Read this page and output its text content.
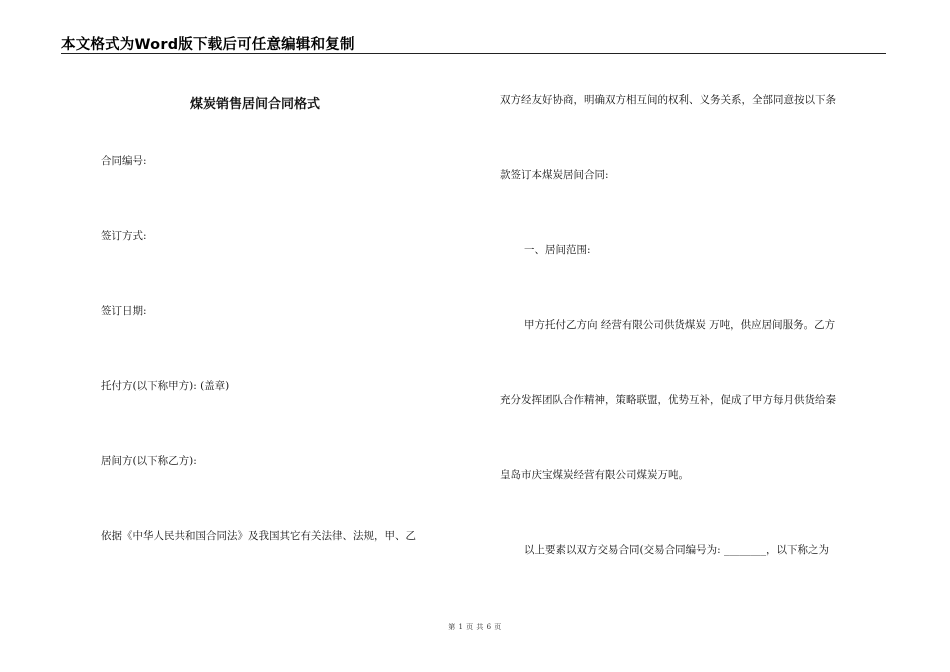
本文格式为Word版下载后可任意编辑和复制
煤炭销售居间合同格式
合同编号:
签订方式:
签订日期:
托付方(以下称甲方): (盖章)
居间方(以下称乙方):
依据《中华人民共和国合同法》及我国其它有关法律、法规，甲、乙
双方经友好协商，明确双方相互间的权利、义务关系，全部同意按以下条
款签订本煤炭居间合同:
一、居间范围:
甲方托付乙方向 经营有限公司供货煤炭 万吨，供应居间服务。乙方
充分发挥团队合作精神，策略联盟，优势互补，促成了甲方每月供货给秦
皇岛市庆宝煤炭经营有限公司煤炭万吨。
以上要素以双方交易合同(交易合同编号为: ________，以下称之为
第 1 页 共 6 页
